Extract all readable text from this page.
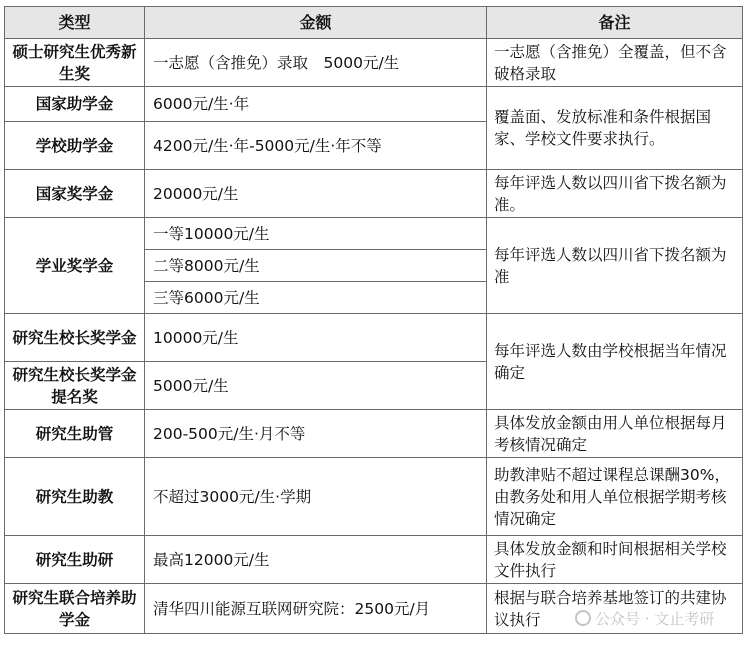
类型	金额	备注
硕士研究生优秀新生奖	一志愿（含推免）录取　5000元/生	一志愿（含推免）全覆盖，但不含破格录取
国家助学金	6000元/生·年	覆盖面、发放标准和条件根据国家、学校文件要求执行。
学校助学金	4200元/生·年-5000元/生·年不等	
国家奖学金	20000元/生	每年评选人数以四川省下拨名额为准。
学业奖学金	一等10000元/生	每年评选人数以四川省下拨名额为准
	二等8000元/生	
	三等6000元/生	
研究生校长奖学金	10000元/生	每年评选人数由学校根据当年情况确定
研究生校长奖学金提名奖	5000元/生	
研究生助管	200-500元/生·月不等	具体发放金额由用人单位根据每月考核情况确定
研究生助教	不超过3000元/生·学期	助教津贴不超过课程总课酬30%，由教务处和用人单位根据学期考核情况确定
研究生助研	最高12000元/生	具体发放金额和时间根据相关学校文件执行
研究生联合培养助学金	清华四川能源互联网研究院：2500元/月	根据与联合培养基地签订的共建协议执行	公众号 · 文止考研
